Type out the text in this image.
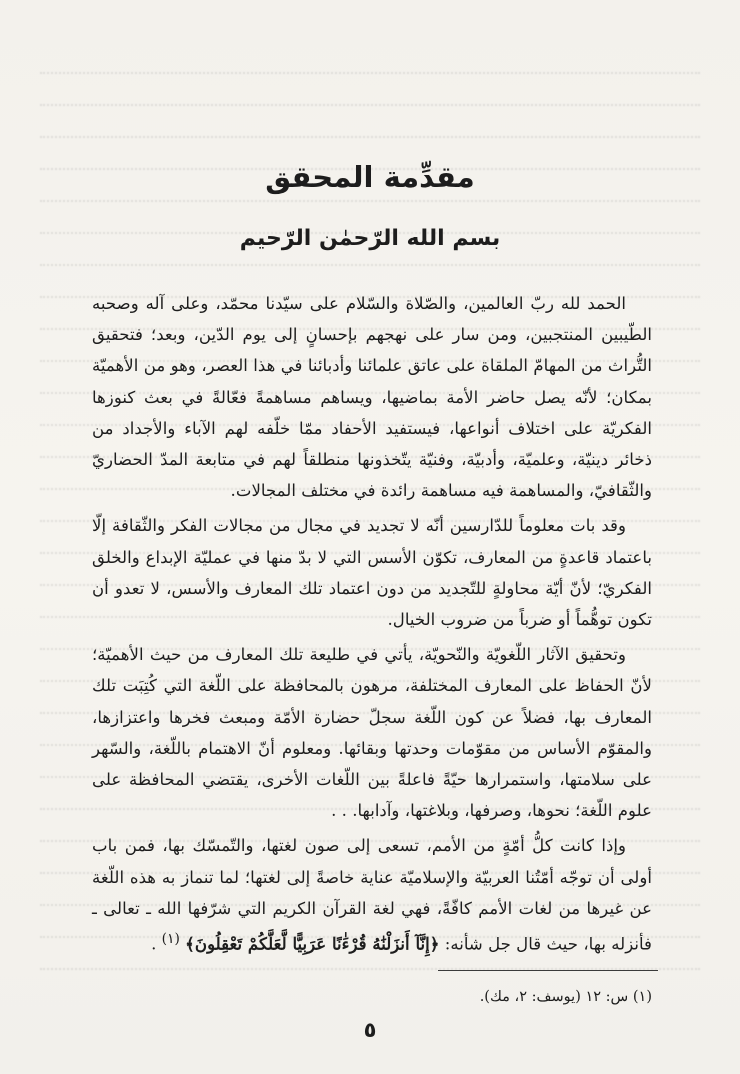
مقدِّمة المحقق
بسم الله الرّحمٰن الرّحيم

الحمد لله ربّ العالمين، والصّلاة والسّلام على سيّدنا محمّد، وعلى آله وصحبه الطّيبين المنتجبين، ومن سار على نهجهم بإحسانٍ إلى يوم الدّين، وبعد؛ فتحقيق التُّراث من المهامّ الملقاة على عاتق علمائنا وأدبائنا في هذا العصر، وهو من الأهميّة بمكان؛ لأنّه يصل حاضر الأمة بماضيها، ويساهم مساهمةً فعّالةً في بعث كنوزها الفكريّة على اختلاف أنواعها، فيستفيد الأحفاد ممّا خلّفه لهم الآباء والأجداد من ذخائر دينيّة، وعلميّة، وأدبيّة، وفنيّة يتّخذونها منطلقاً لهم في متابعة المدّ الحضاريّ والثّقافيّ، والمساهمة فيه مساهمة رائدة في مختلف المجالات.

وقد بات معلوماً للدّارسين أنّه لا تجديد في مجال من مجالات الفكر والثّقافة إلّا باعتماد قاعدةٍ من المعارف، تكوّن الأسس التي لا بدّ منها في عمليّة الإبداع والخلق الفكريّ؛ لأنّ أيّة محاولةٍ للتّجديد من دون اعتماد تلك المعارف والأسس، لا تعدو أن تكون توهُّماً أو ضرباً من ضروب الخيال.

وتحقيق الآثار اللّغويّة والنّحويّة، يأتي في طليعة تلك المعارف من حيث الأهميّة؛ لأنّ الحفاظ على المعارف المختلفة، مرهون بالمحافظة على اللّغة التي كُتِبَت تلك المعارف بها، فضلاً عن كون اللّغة سجلّ حضارة الأمّة ومبعث فخرها واعتزازها، والمقوّم الأساس من مقوّمات وحدتها وبقائها. ومعلوم أنّ الاهتمام باللّغة، والسّهر على سلامتها، واستمرارها حيّةً فاعلةً بين اللّغات الأخرى، يقتضي المحافظة على علوم اللّغة؛ نحوها، وصرفها، وبلاغتها، وآدابها. . .

وإذا كانت كلُّ أمّةٍ من الأمم، تسعى إلى صون لغتها، والتّمسّك بها، فمن باب أولى أن توجّه أمّتُنا العربيّة والإسلاميّة عناية خاصةً إلى لغتها؛ لما تنماز به هذه اللّغة عن غيرها من لغات الأمم كافّةً، فهي لغة القرآن الكريم التي شرّفها الله ـ تعالى ـ فأنزله بها، حيث قال جل شأنه: ﴿إِنَّآ أَنزَلْنَٰهُ قُرْءَٰنًا عَرَبِيًّا لَّعَلَّكُمْ تَعْقِلُونَ﴾ $^{(١)}$ .

(١) س: ١٢ (يوسف: ٢، مك).
٥
